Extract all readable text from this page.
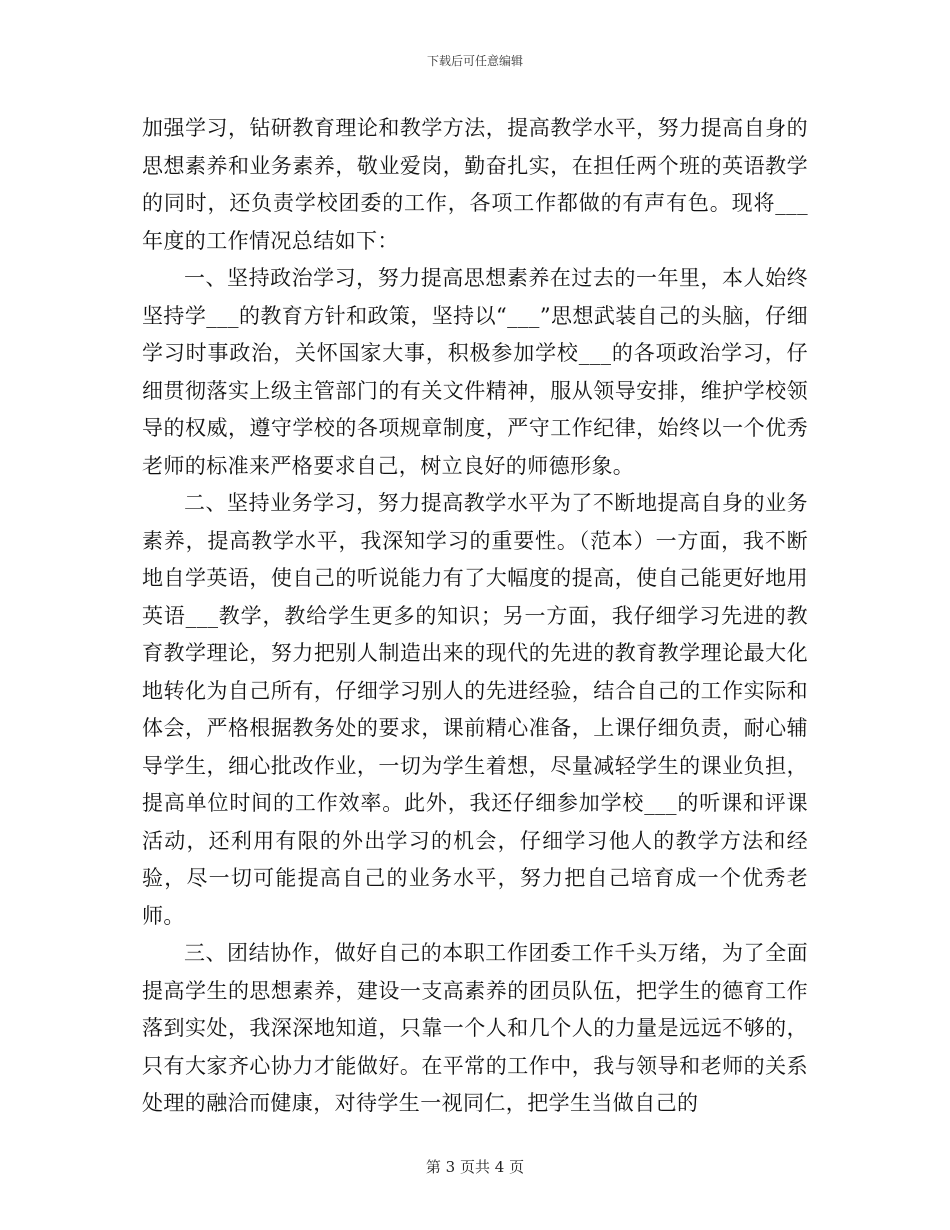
下载后可任意编辑

加强学习，钻研教育理论和教学方法，提高教学水平，努力提高自身的思想素养和业务素养，敬业爱岗，勤奋扎实，在担任两个班的英语教学的同时，还负责学校团委的工作，各项工作都做的有声有色。现将___年度的工作情况总结如下：

一、坚持政治学习，努力提高思想素养在过去的一年里，本人始终坚持学___的教育方针和政策，坚持以“___”思想武装自己的头脑，仔细学习时事政治，关怀国家大事，积极参加学校___的各项政治学习，仔细贯彻落实上级主管部门的有关文件精神，服从领导安排，维护学校领导的权威，遵守学校的各项规章制度，严守工作纪律，始终以一个优秀老师的标准来严格要求自己，树立良好的师德形象。

二、坚持业务学习，努力提高教学水平为了不断地提高自身的业务素养，提高教学水平，我深知学习的重要性。（范本）一方面，我不断地自学英语，使自己的听说能力有了大幅度的提高，使自己能更好地用英语___教学，教给学生更多的知识；另一方面，我仔细学习先进的教育教学理论，努力把别人制造出来的现代的先进的教育教学理论最大化地转化为自己所有，仔细学习别人的先进经验，结合自己的工作实际和体会，严格根据教务处的要求，课前精心准备，上课仔细负责，耐心辅导学生，细心批改作业，一切为学生着想，尽量减轻学生的课业负担，提高单位时间的工作效率。此外，我还仔细参加学校___的听课和评课活动，还利用有限的外出学习的机会，仔细学习他人的教学方法和经验，尽一切可能提高自己的业务水平，努力把自己培育成一个优秀老师。

三、团结协作，做好自己的本职工作团委工作千头万绪，为了全面提高学生的思想素养，建设一支高素养的团员队伍，把学生的德育工作落到实处，我深深地知道，只靠一个人和几个人的力量是远远不够的，只有大家齐心协力才能做好。在平常的工作中，我与领导和老师的关系处理的融洽而健康，对待学生一视同仁，把学生当做自己的

第 3 页共 4 页
